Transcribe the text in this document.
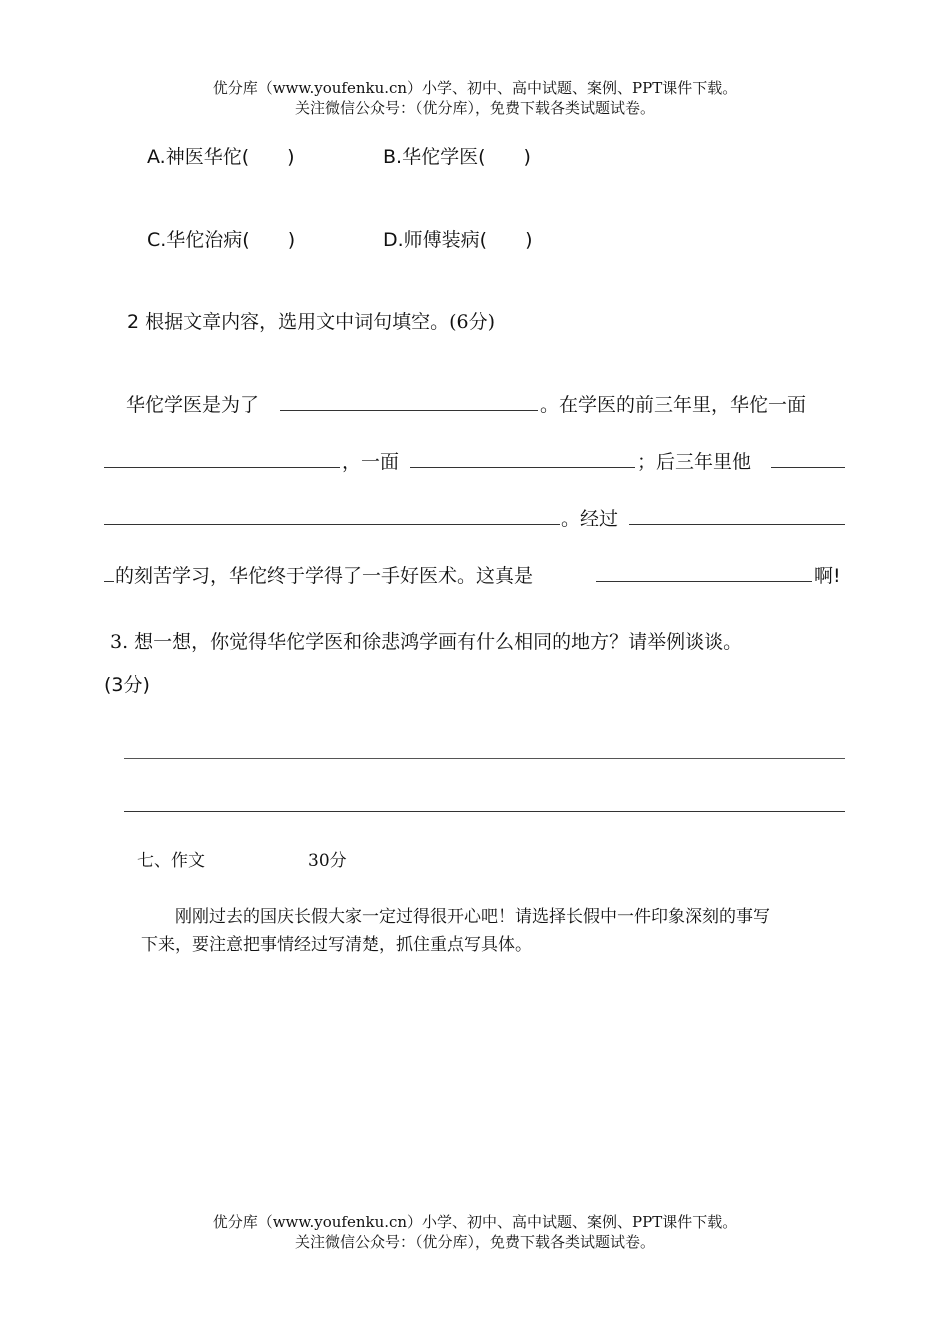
优分库（www.youfenku.cn）小学、初中、高中试题、案例、PPT课件下载。
关注微信公众号：（优分库），免费下载各类试题试卷。
A.神医华佗(　　)	B.华佗学医(　　)
C.华佗治病(　　)	D.师傅装病(　　)
2 根据文章内容，选用文中词句填空。(6分)
华佗学医是为了	。在学医的前三年里，华佗一面
，一面	；后三年里他
。经过
的刻苦学习，华佗终于学得了一手好医术。这真是	啊!
3. 想一想，你觉得华佗学医和徐悲鸿学画有什么相同的地方？请举例谈谈。
(3分)
七、作文	30分
刚刚过去的国庆长假大家一定过得很开心吧！请选择长假中一件印象深刻的事写
下来，要注意把事情经过写清楚，抓住重点写具体。
优分库（www.youfenku.cn）小学、初中、高中试题、案例、PPT课件下载。
关注微信公众号：（优分库），免费下载各类试题试卷。
